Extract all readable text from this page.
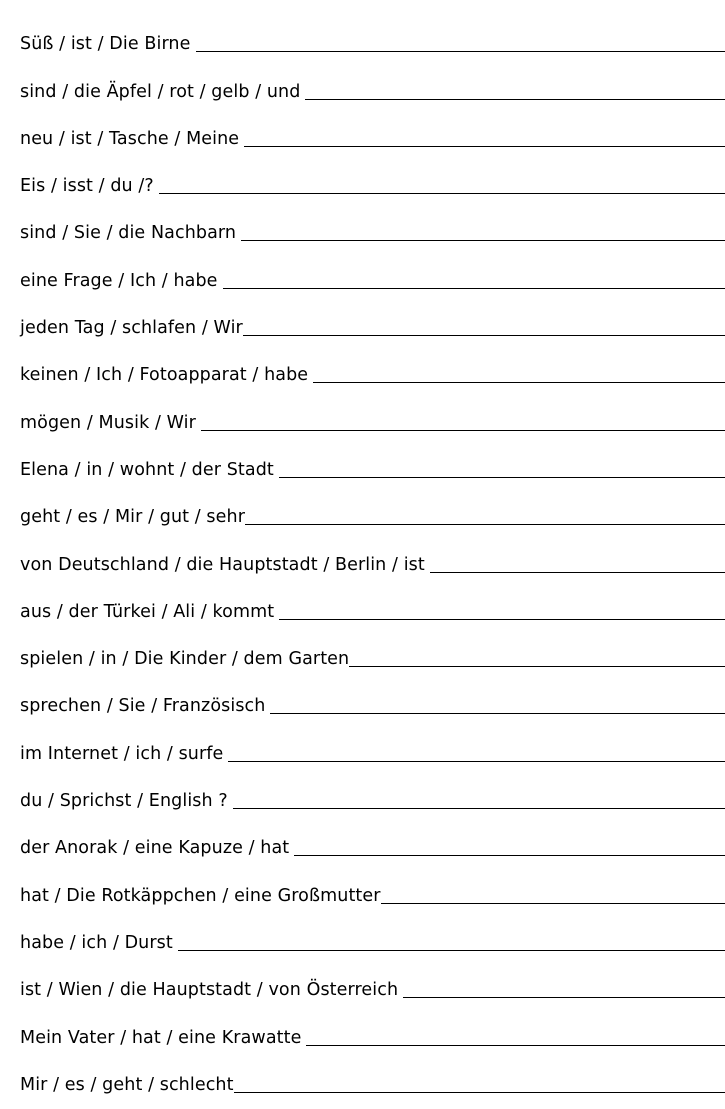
Süß / ist / Die Birne
sind / die Äpfel / rot / gelb / und
neu / ist / Tasche / Meine
Eis / isst / du /?
sind / Sie / die Nachbarn
eine Frage / Ich / habe
jeden Tag / schlafen / Wir
keinen / Ich / Fotoapparat / habe
mögen / Musik / Wir
Elena / in / wohnt / der Stadt
geht / es / Mir / gut / sehr
von Deutschland / die Hauptstadt / Berlin / ist
aus / der Türkei / Ali / kommt
spielen / in / Die Kinder / dem Garten
sprechen / Sie / Französisch
im Internet / ich / surfe
du / Sprichst / English ?
der Anorak / eine Kapuze / hat
hat / Die Rotkäppchen / eine Großmutter
habe / ich / Durst
ist / Wien / die Hauptstadt / von Österreich
Mein Vater / hat / eine Krawatte
Mir / es / geht / schlecht
